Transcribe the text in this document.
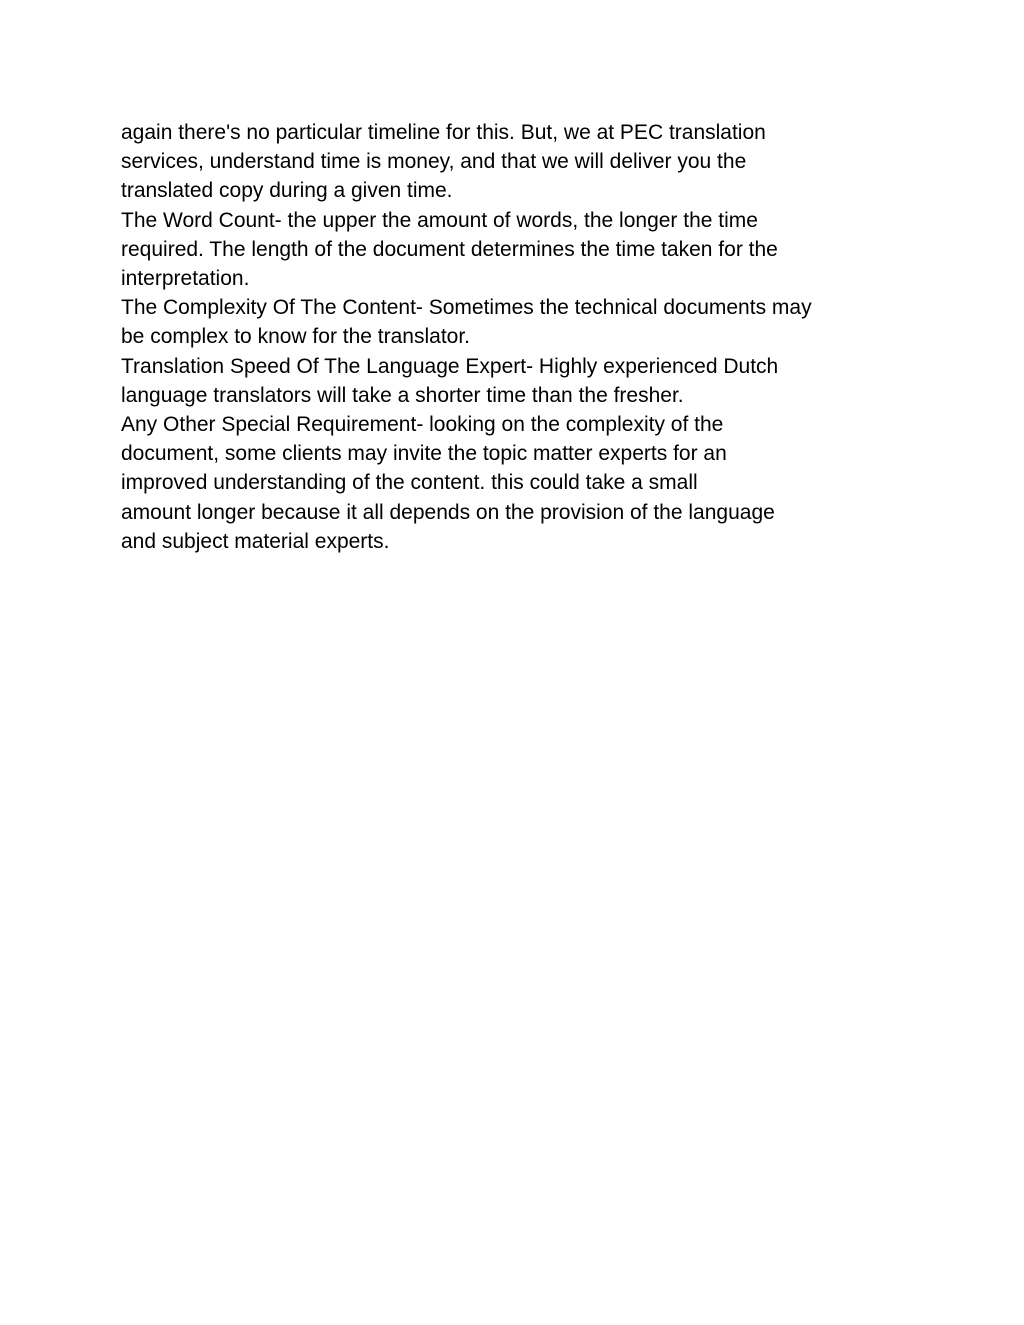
again there's no particular timeline for this. But, we at PEC translation
services, understand time is money, and that we will deliver you the
translated copy during a given time.
The Word Count- the upper the amount of words, the longer the time
required. The length of the document determines the time taken for the
interpretation.
The Complexity Of The Content- Sometimes the technical documents may
be complex to know for the translator.
Translation Speed Of The Language Expert- Highly experienced Dutch
language translators will take a shorter time than the fresher.
Any Other Special Requirement- looking on the complexity of the
document, some clients may invite the topic matter experts for an
improved understanding of the content. this could take a small
amount longer because it all depends on the provision of the language
and subject material experts.
